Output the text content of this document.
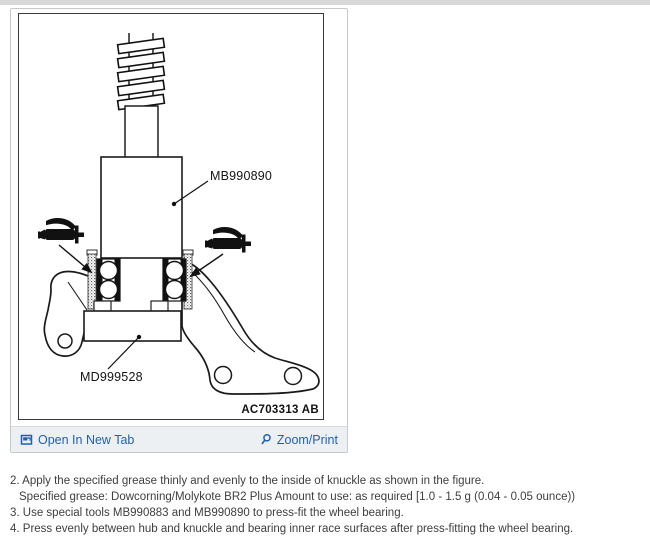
MB990890
MD999528
AC703313 AB
Open In New Tab	Zoom/Print
2. Apply the specified grease thinly and evenly to the inside of knuckle as shown in the figure.
Specified grease: Dowcorning/Molykote BR2 Plus Amount to use: as required [1.0 - 1.5 g (0.04 - 0.05 ounce))
3. Use special tools MB990883 and MB990890 to press-fit the wheel bearing.
4. Press evenly between hub and knuckle and bearing inner race surfaces after press-fitting the wheel bearing.
